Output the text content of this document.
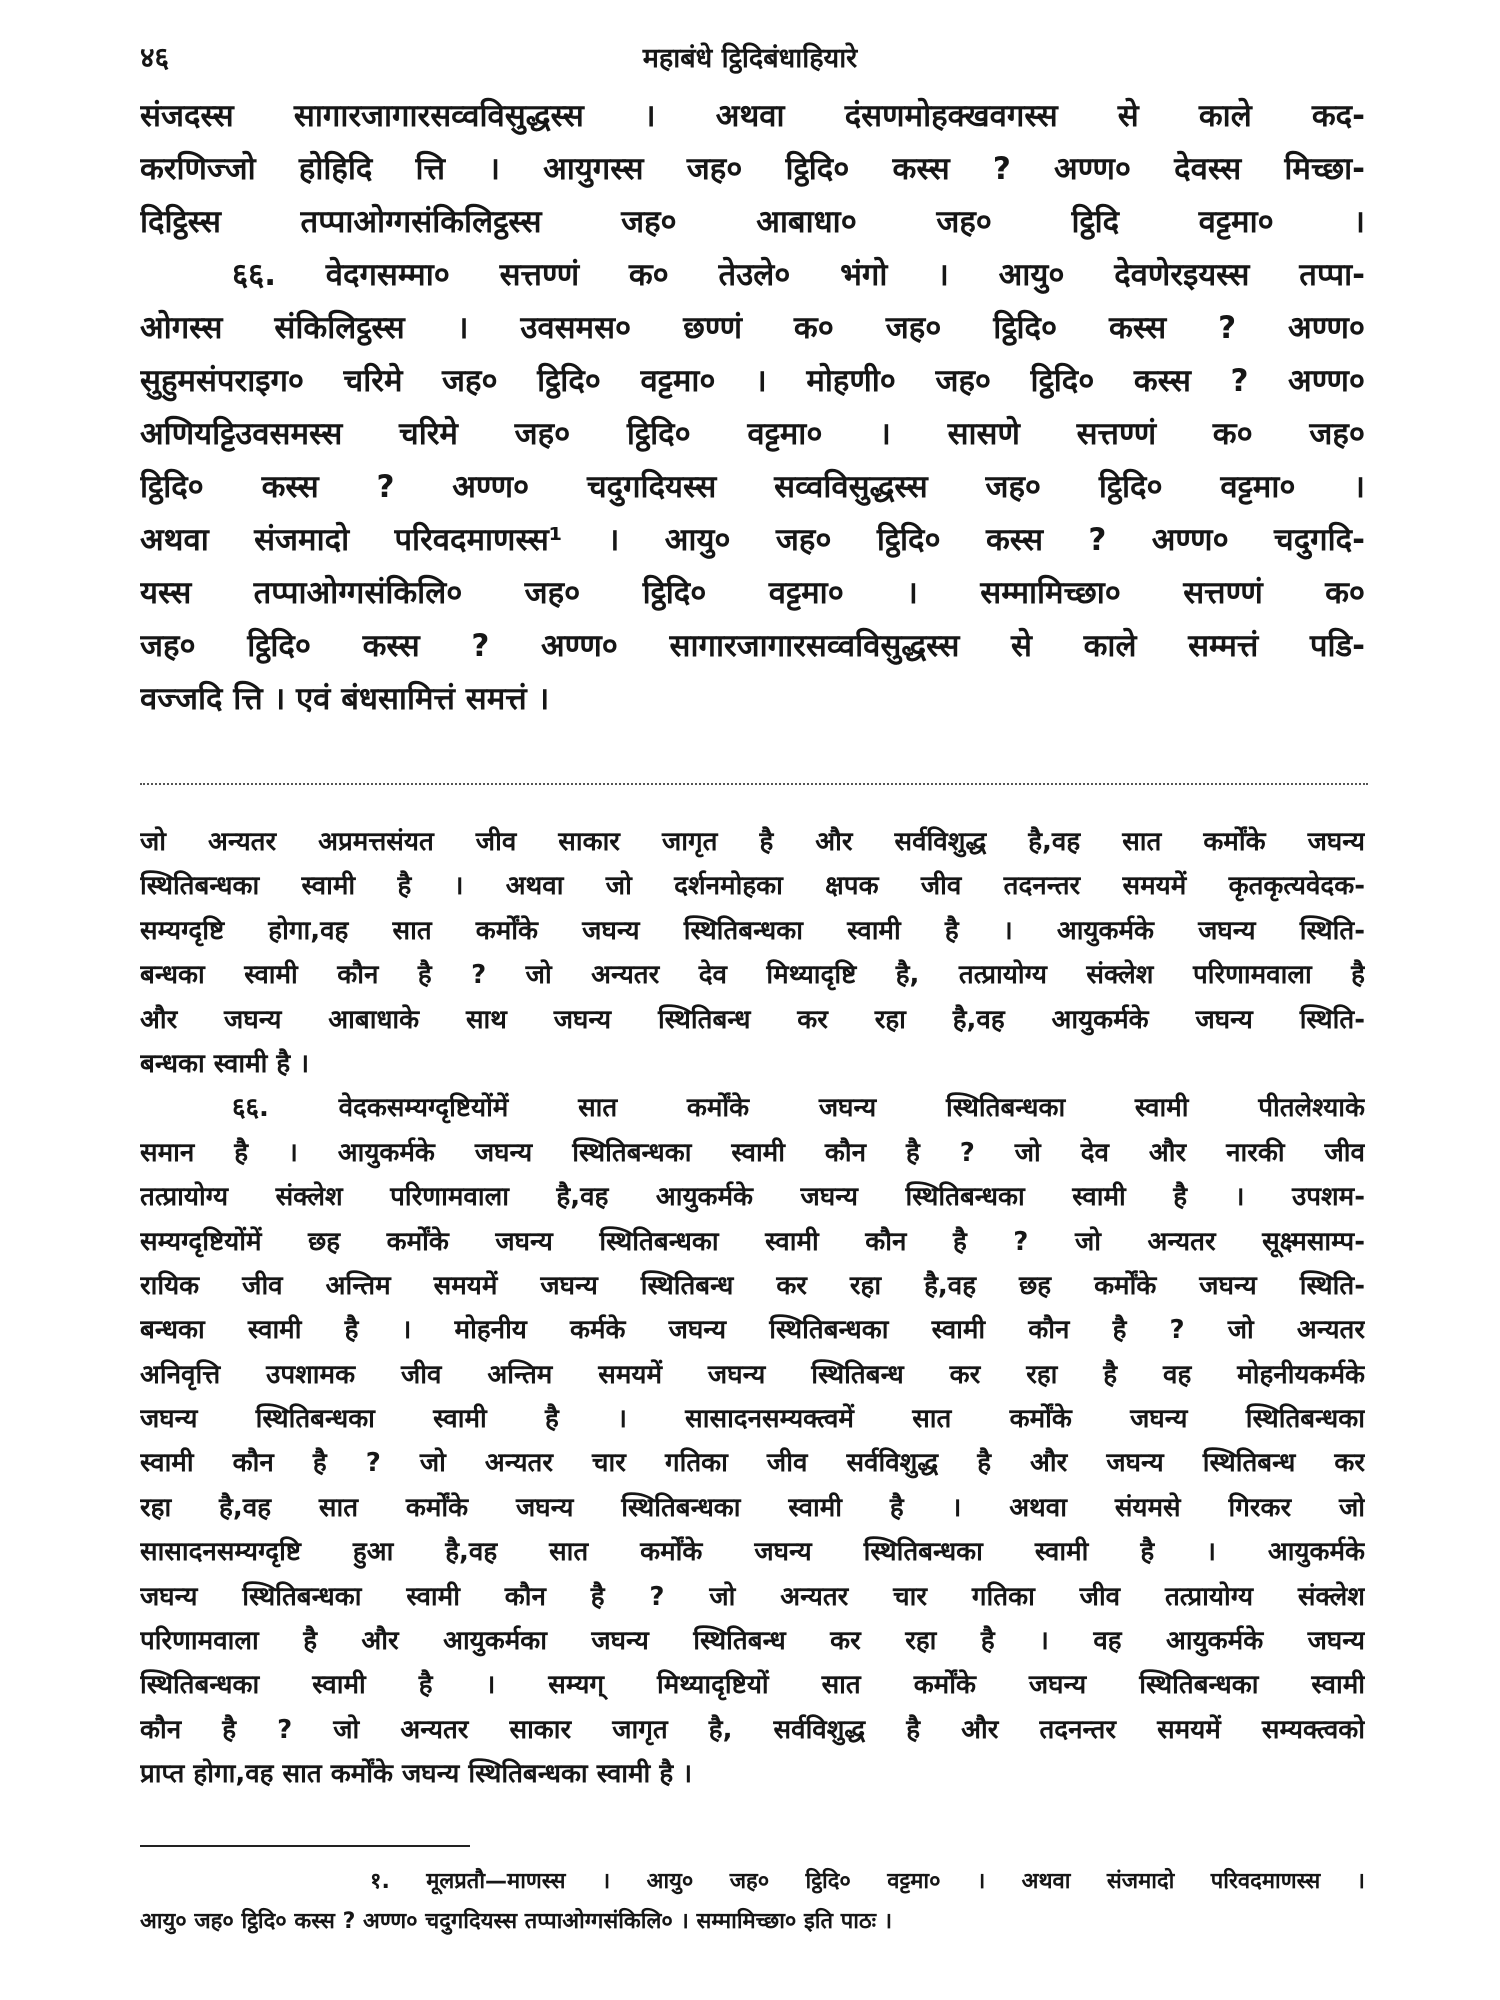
४६	महाबंधे ट्ठिदिबंधाहियारे
संजदस्स सागारजागारसव्वविसुद्धस्स । अथवा दंसणमोहक्खवगस्स से काले कद-
करणिज्जो होहिदि त्ति । आयुगस्स जह० ट्ठिदि० कस्स ? अण्ण० देवस्स मिच्छा-
दिट्ठिस्स तप्पाओग्गसंकिलिट्ठस्स जह० आबाधा० जह० ट्ठिदि वट्टमा० ।
६६. वेदगसम्मा० सत्तण्णं क० तेउले० भंगो । आयु० देवणेरइयस्स तप्पा-
ओगस्स संकिलिट्ठस्स । उवसमस० छण्णं क० जह० ट्ठिदि० कस्स ? अण्ण०
सुहुमसंपराइग० चरिमे जह० ट्ठिदि० वट्टमा० । मोहणी० जह० ट्ठिदि० कस्स ? अण्ण०
अणियट्टिउवसमस्स चरिमे जह० ट्ठिदि० वट्टमा० । सासणे सत्तण्णं क० जह०
ट्ठिदि० कस्स ? अण्ण० चदुगदियस्स सव्वविसुद्धस्स जह० ट्ठिदि० वट्टमा० ।
अथवा संजमादो परिवदमाणस्स¹ । आयु० जह० ट्ठिदि० कस्स ? अण्ण० चदुगदि-
यस्स तप्पाओग्गसंकिलि० जह० ट्ठिदि० वट्टमा० । सम्मामिच्छा० सत्तण्णं क०
जह० ट्ठिदि० कस्स ? अण्ण० सागारजागारसव्वविसुद्धस्स से काले सम्मत्तं पडि-
वज्जदि त्ति । एवं बंधसामित्तं समत्तं ।
जो अन्यतर अप्रमत्तसंयत जीव साकार जागृत है और सर्वविशुद्ध है,वह सात कर्मोंके जघन्य
स्थितिबन्धका स्वामी है । अथवा जो दर्शनमोहका क्षपक जीव तदनन्तर समयमें कृतकृत्यवेदक-
सम्यग्दृष्टि होगा,वह सात कर्मोंके जघन्य स्थितिबन्धका स्वामी है । आयुकर्मके जघन्य स्थिति-
बन्धका स्वामी कौन है ? जो अन्यतर देव मिथ्यादृष्टि है, तत्प्रायोग्य संक्लेश परिणामवाला है
और जघन्य आबाधाके साथ जघन्य स्थितिबन्ध कर रहा है,वह आयुकर्मके जघन्य स्थिति-
बन्धका स्वामी है ।
६६. वेदकसम्यग्दृष्टियोंमें सात कर्मोंके जघन्य स्थितिबन्धका स्वामी पीतलेश्याके
समान है । आयुकर्मके जघन्य स्थितिबन्धका स्वामी कौन है ? जो देव और नारकी जीव
तत्प्रायोग्य संक्लेश परिणामवाला है,वह आयुकर्मके जघन्य स्थितिबन्धका स्वामी है । उपशम-
सम्यग्दृष्टियोंमें छह कर्मोंके जघन्य स्थितिबन्धका स्वामी कौन है ? जो अन्यतर सूक्ष्मसाम्प-
रायिक जीव अन्तिम समयमें जघन्य स्थितिबन्ध कर रहा है,वह छह कर्मोंके जघन्य स्थिति-
बन्धका स्वामी है । मोहनीय कर्मके जघन्य स्थितिबन्धका स्वामी कौन है ? जो अन्यतर
अनिवृत्ति उपशामक जीव अन्तिम समयमें जघन्य स्थितिबन्ध कर रहा है वह मोहनीयकर्मके
जघन्य स्थितिबन्धका स्वामी है । सासादनसम्यक्त्वमें सात कर्मोंके जघन्य स्थितिबन्धका
स्वामी कौन है ? जो अन्यतर चार गतिका जीव सर्वविशुद्ध है और जघन्य स्थितिबन्ध कर
रहा है,वह सात कर्मोंके जघन्य स्थितिबन्धका स्वामी है । अथवा संयमसे गिरकर जो
सासादनसम्यग्दृष्टि हुआ है,वह सात कर्मोंके जघन्य स्थितिबन्धका स्वामी है । आयुकर्मके
जघन्य स्थितिबन्धका स्वामी कौन है ? जो अन्यतर चार गतिका जीव तत्प्रायोग्य संक्लेश
परिणामवाला है और आयुकर्मका जघन्य स्थितिबन्ध कर रहा है । वह आयुकर्मके जघन्य
स्थितिबन्धका स्वामी है । सम्यग् मिथ्यादृष्टियों सात कर्मोंके जघन्य स्थितिबन्धका स्वामी
कौन है ? जो अन्यतर साकार जागृत है, सर्वविशुद्ध है और तदनन्तर समयमें सम्यक्त्वको
प्राप्त होगा,वह सात कर्मोंके जघन्य स्थितिबन्धका स्वामी है ।
१. मूलप्रतौ—माणस्स । आयु० जह० ट्ठिदि० वट्टमा० । अथवा संजमादो परिवदमाणस्स ।
आयु० जह० ट्ठिदि० कस्स ? अण्ण० चदुगदियस्स तप्पाओग्गसंकिलि० । सम्मामिच्छा० इति पाठः ।
